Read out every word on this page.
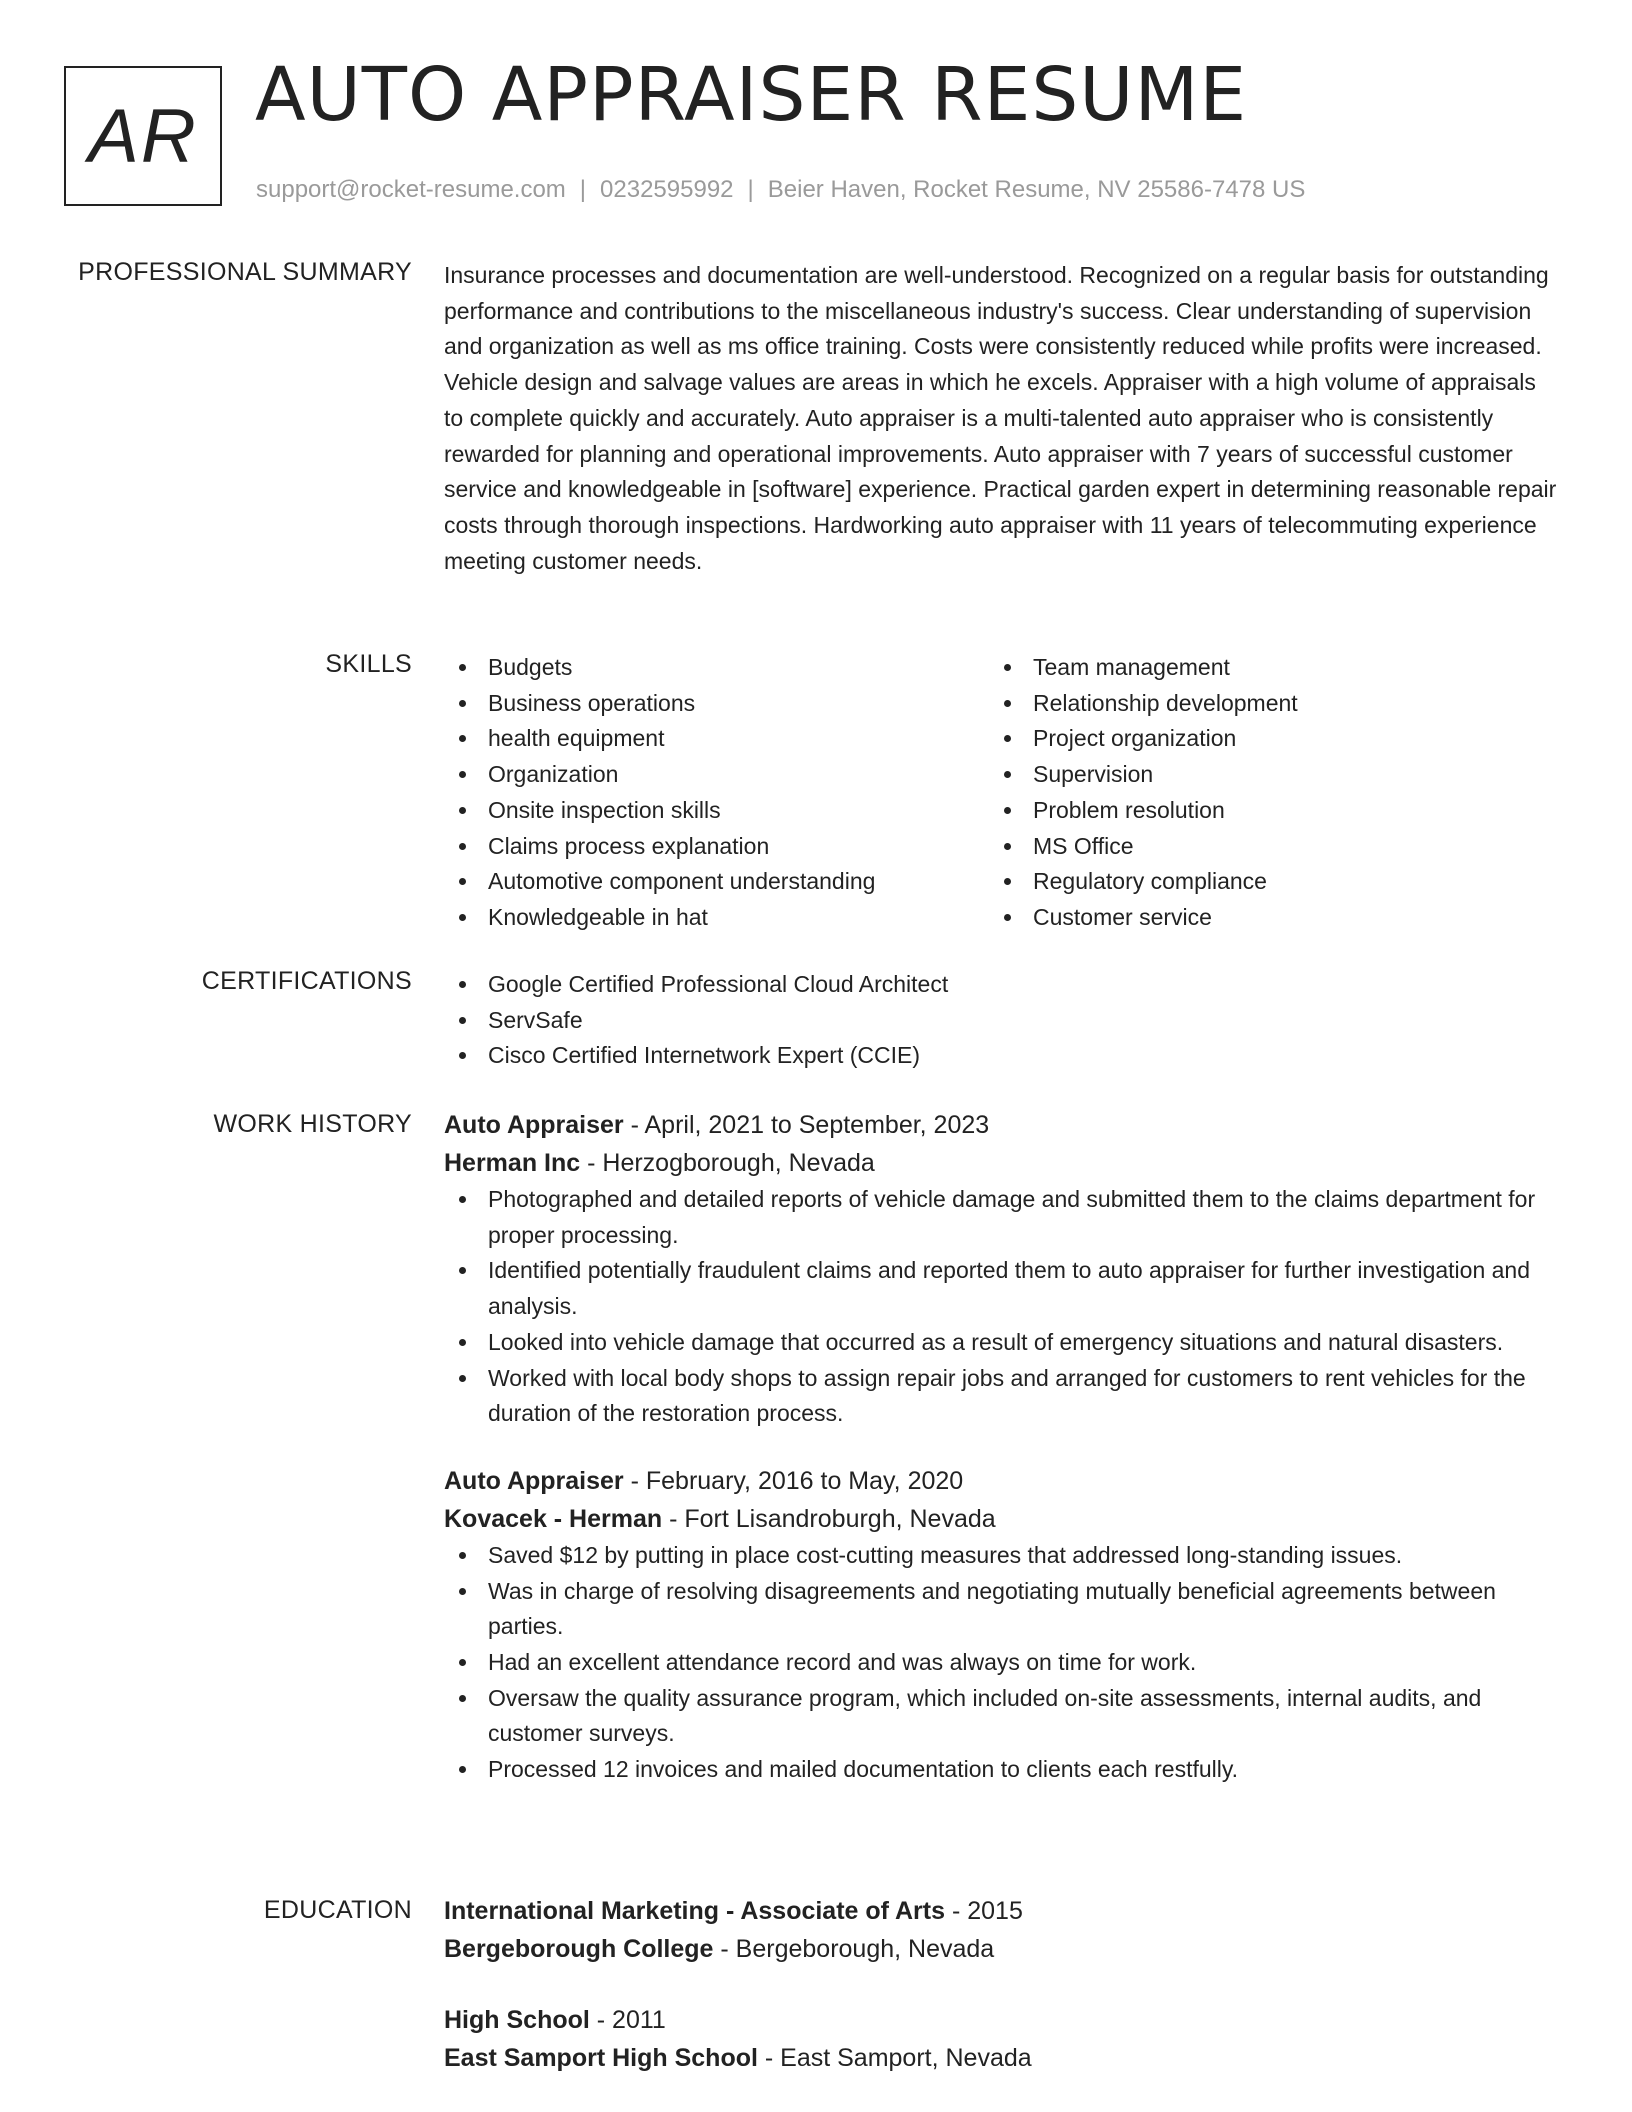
AR AUTO APPRAISER RESUME
support@rocket-resume.com | 0232595992 | Beier Haven, Rocket Resume, NV 25586-7478 US
PROFESSIONAL SUMMARY Insurance processes and documentation are well-understood. Recognized on a regular basis for outstanding performance and contributions to the miscellaneous industry's success. Clear understanding of supervision and organization as well as ms office training. Costs were consistently reduced while profits were increased. Vehicle design and salvage values are areas in which he excels. Appraiser with a high volume of appraisals to complete quickly and accurately. Auto appraiser is a multi-talented auto appraiser who is consistently rewarded for planning and operational improvements. Auto appraiser with 7 years of successful customer service and knowledgeable in [software] experience. Practical garden expert in determining reasonable repair costs through thorough inspections. Hardworking auto appraiser with 11 years of telecommuting experience meeting customer needs.

SKILLS	Budgets
Business operations
health equipment
Organization
Onsite inspection skills
Claims process explanation
Automotive component understanding
Knowledgeable in hat
Team management
Relationship development
Project organization
Supervision
Problem resolution
MS Office
Regulatory compliance
Customer service
CERTIFICATIONS	Google Certified Professional Cloud Architect
ServSafe
Cisco Certified Internetwork Expert (CCIE)
WORK HISTORY Auto Appraiser - April, 2021 to September, 2023
Herman Inc - Herzogborough, Nevada
Photographed and detailed reports of vehicle damage and submitted them to the claims department for proper processing.
Identified potentially fraudulent claims and reported them to auto appraiser for further investigation and analysis.
Looked into vehicle damage that occurred as a result of emergency situations and natural disasters.
Worked with local body shops to assign repair jobs and arranged for customers to rent vehicles for the duration of the restoration process.
Auto Appraiser - February, 2016 to May, 2020
Kovacek - Herman - Fort Lisandroburgh, Nevada
Saved $12 by putting in place cost-cutting measures that addressed long-standing issues.
Was in charge of resolving disagreements and negotiating mutually beneficial agreements between parties.
Had an excellent attendance record and was always on time for work.
Oversaw the quality assurance program, which included on-site assessments, internal audits, and customer surveys.
Processed 12 invoices and mailed documentation to clients each restfully.
EDUCATION International Marketing - Associate of Arts - 2015
Bergeborough College - Bergeborough, Nevada
High School - 2011
East Samport High School - East Samport, Nevada
